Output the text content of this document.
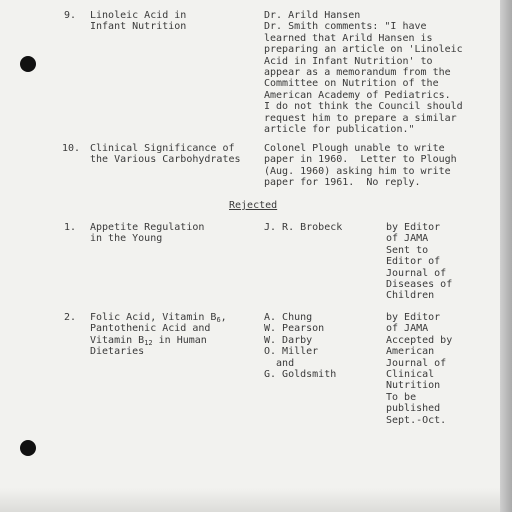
9. Linoleic Acid in
Infant Nutrition

Dr. Arild Hansen
Dr. Smith comments: "I have
learned that Arild Hansen is
preparing an article on 'Linoleic
Acid in Infant Nutrition' to
appear as a memorandum from the
Committee on Nutrition of the
American Academy of Pediatrics.
I do not think the Council should
request him to prepare a similar
article for publication."

10. Clinical Significance of
the Various Carbohydrates

Colonel Plough unable to write
paper in 1960.  Letter to Plough
(Aug. 1960) asking him to write
paper for 1961.  No reply.

Rejected

1. Appetite Regulation
in the Young

J. R. Brobeck	by Editor
of JAMA
Sent to
Editor of
Journal of
Diseases of
Children

2. Folic Acid, Vitamin $B_6$,
Pantothenic Acid and
Vitamin $B_{12}$ in Human
Dietaries

A. Chung
W. Pearson
W. Darby
O. Miller
and
G. Goldsmith

by Editor
of JAMA
Accepted by
American
Journal of
Clinical
Nutrition
To be
published
Sept.-Oct.
